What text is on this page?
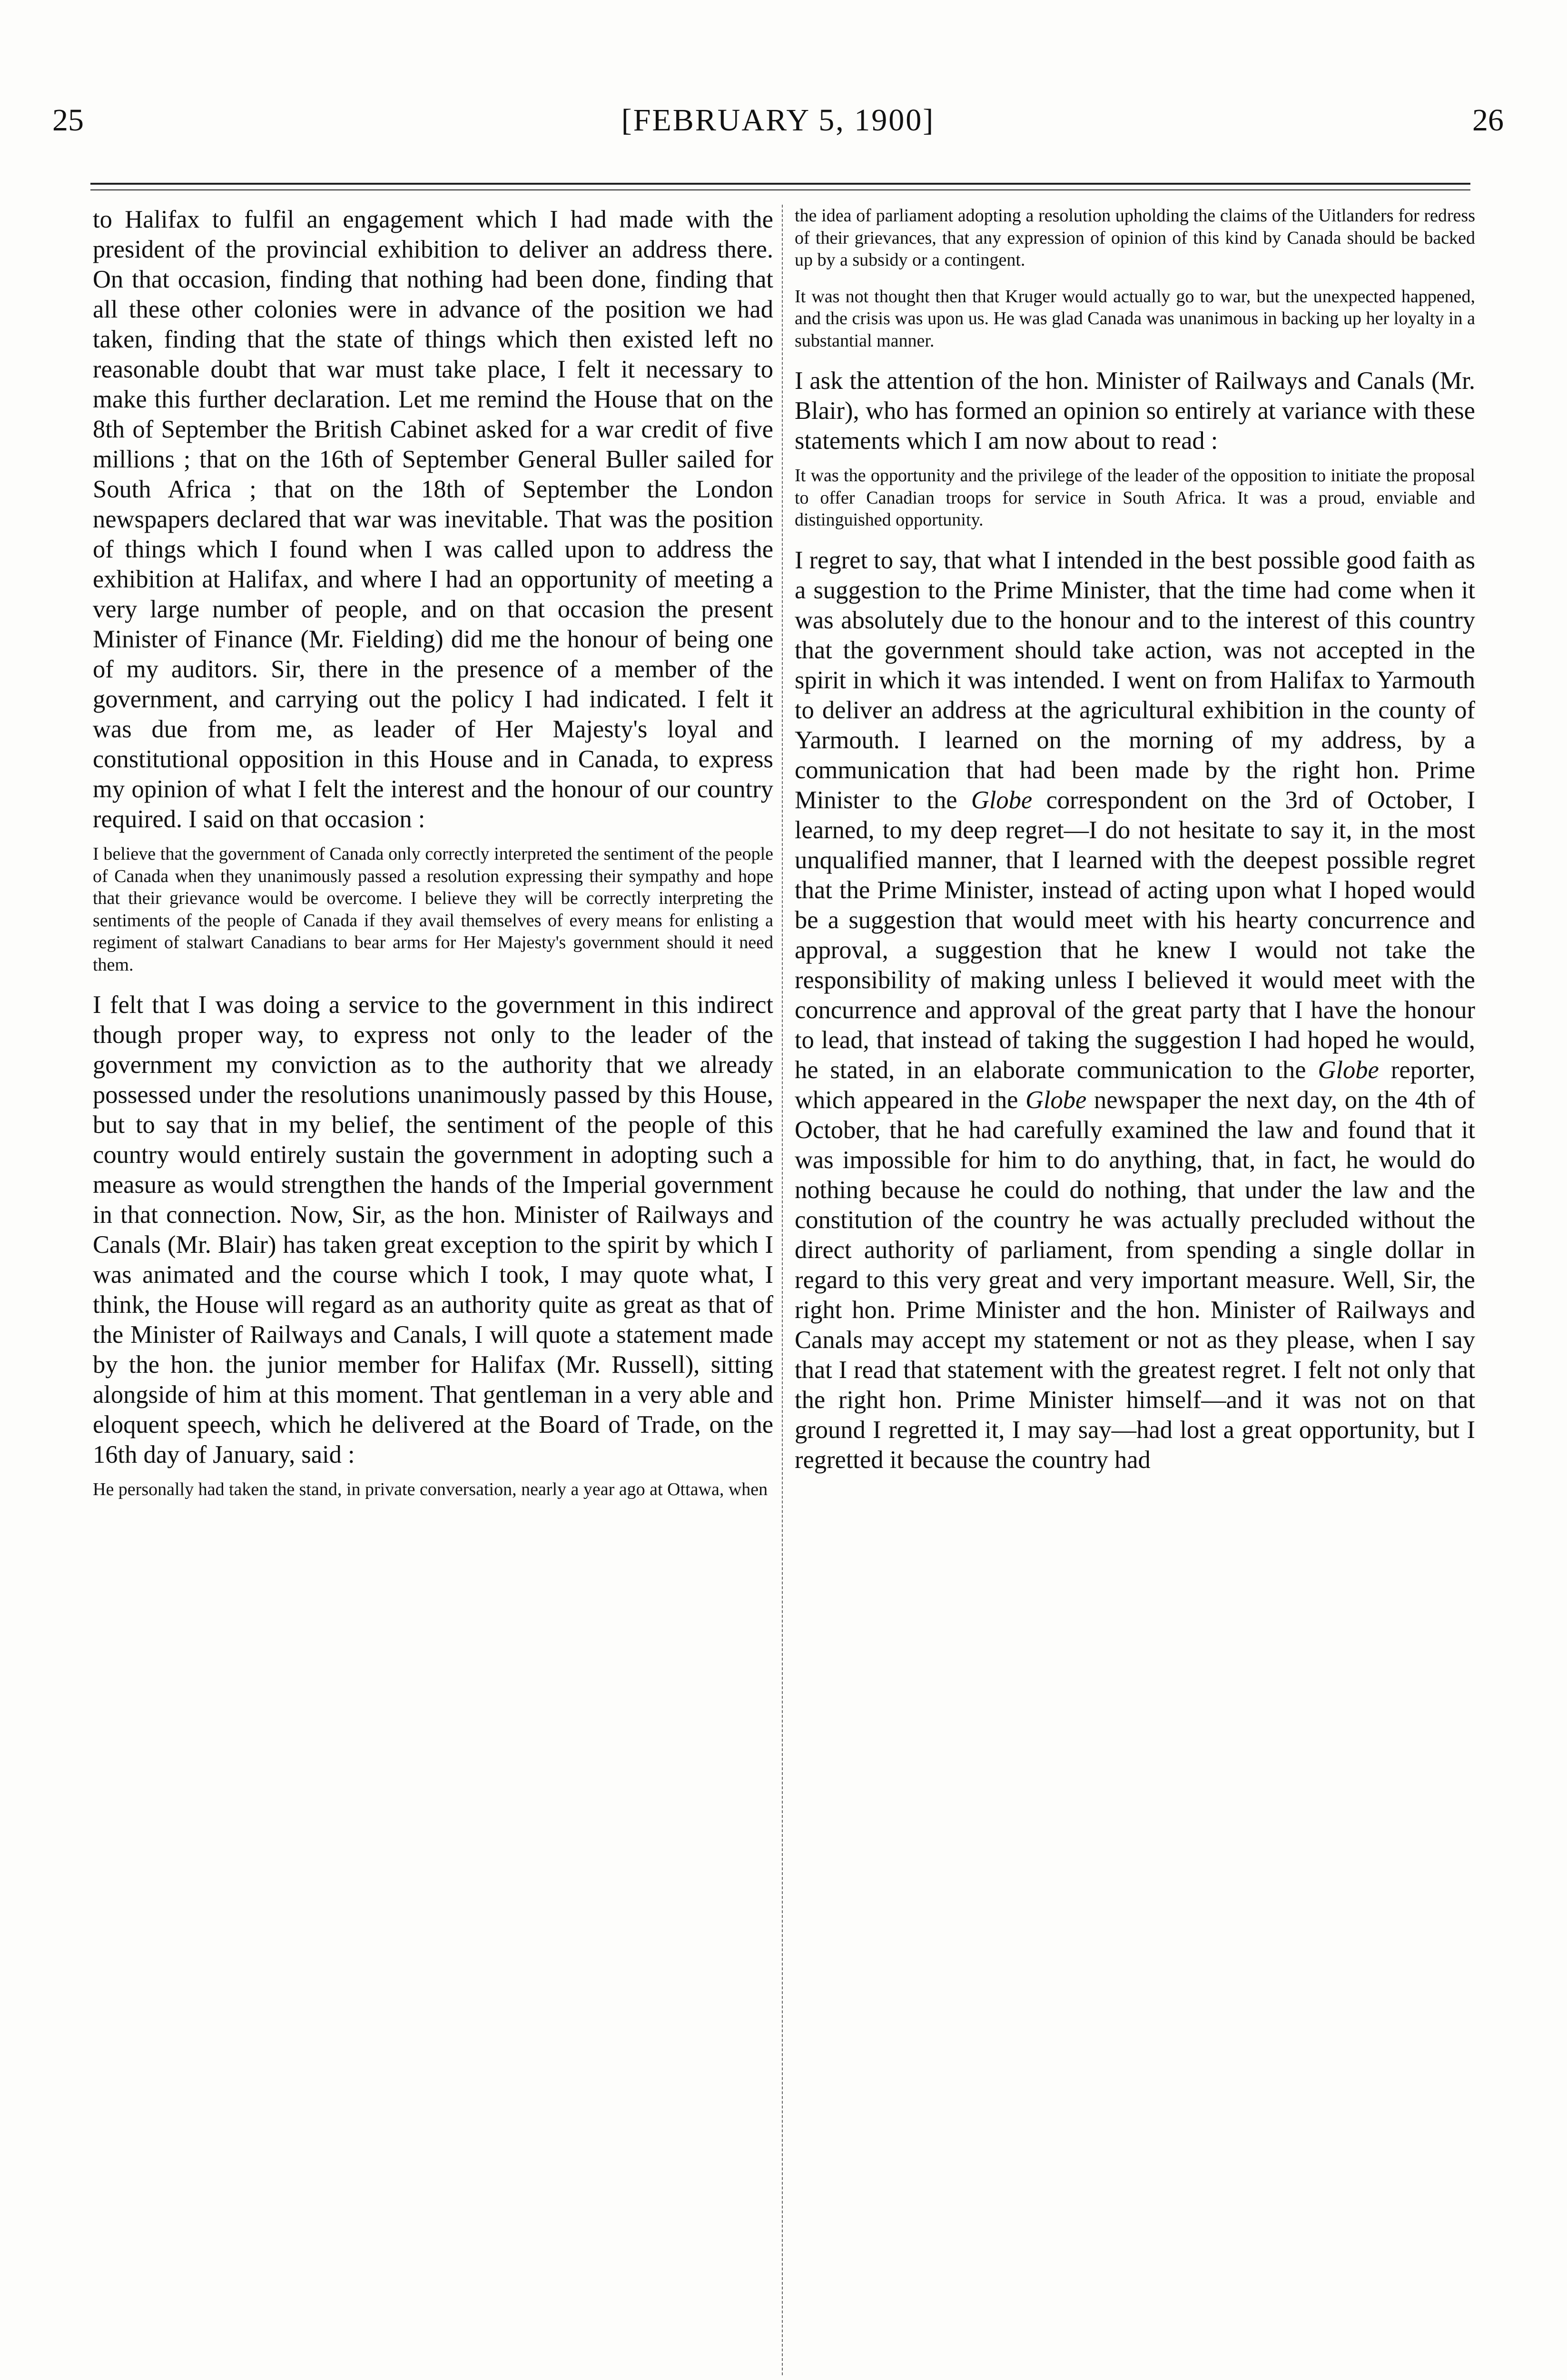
25	[FEBRUARY 5, 1900]	26

to Halifax to fulfil an engagement which I had made with the president of the provincial exhibition to deliver an address there. On that occasion, finding that nothing had been done, finding that all these other colonies were in advance of the position we had taken, finding that the state of things which then existed left no reasonable doubt that war must take place, I felt it necessary to make this further declaration. Let me remind the House that on the 8th of September the British Cabinet asked for a war credit of five millions ; that on the 16th of September General Buller sailed for South Africa ; that on the 18th of September the London newspapers declared that war was inevitable. That was the position of things which I found when I was called upon to address the exhibition at Halifax, and where I had an opportunity of meeting a very large number of people, and on that occasion the present Minister of Finance (Mr. Fielding) did me the honour of being one of my auditors. Sir, there in the presence of a member of the government, and carrying out the policy I had indicated. I felt it was due from me, as leader of Her Majesty's loyal and constitutional opposition in this House and in Canada, to express my opinion of what I felt the interest and the honour of our country required. I said on that occasion :

I believe that the government of Canada only correctly interpreted the sentiment of the people of Canada when they unanimously passed a resolution expressing their sympathy and hope that their grievance would be overcome. I believe they will be correctly interpreting the sentiments of the people of Canada if they avail themselves of every means for enlisting a regiment of stalwart Canadians to bear arms for Her Majesty's government should it need them.

I felt that I was doing a service to the government in this indirect though proper way, to express not only to the leader of the government my conviction as to the authority that we already possessed under the resolutions unanimously passed by this House, but to say that in my belief, the sentiment of the people of this country would entirely sustain the government in adopting such a measure as would strengthen the hands of the Imperial government in that connection. Now, Sir, as the hon. Minister of Railways and Canals (Mr. Blair) has taken great exception to the spirit by which I was animated and the course which I took, I may quote what, I think, the House will regard as an authority quite as great as that of the Minister of Railways and Canals, I will quote a statement made by the hon. the junior member for Halifax (Mr. Russell), sitting alongside of him at this moment. That gentleman in a very able and eloquent speech, which he delivered at the Board of Trade, on the 16th day of January, said :

He personally had taken the stand, in private conversation, nearly a year ago at Ottawa, when

the idea of parliament adopting a resolution upholding the claims of the Uitlanders for redress of their grievances, that any expression of opinion of this kind by Canada should be backed up by a subsidy or a contingent.

It was not thought then that Kruger would actually go to war, but the unexpected happened, and the crisis was upon us. He was glad Canada was unanimous in backing up her loyalty in a substantial manner.

I ask the attention of the hon. Minister of Railways and Canals (Mr. Blair), who has formed an opinion so entirely at variance with these statements which I am now about to read :

It was the opportunity and the privilege of the leader of the opposition to initiate the proposal to offer Canadian troops for service in South Africa. It was a proud, enviable and distinguished opportunity.

I regret to say, that what I intended in the best possible good faith as a suggestion to the Prime Minister, that the time had come when it was absolutely due to the honour and to the interest of this country that the government should take action, was not accepted in the spirit in which it was intended. I went on from Halifax to Yarmouth to deliver an address at the agricultural exhibition in the county of Yarmouth. I learned on the morning of my address, by a communication that had been made by the right hon. Prime Minister to the Globe correspondent on the 3rd of October, I learned, to my deep regret—I do not hesitate to say it, in the most unqualified manner, that I learned with the deepest possible regret that the Prime Minister, instead of acting upon what I hoped would be a suggestion that would meet with his hearty concurrence and approval, a suggestion that he knew I would not take the responsibility of making unless I believed it would meet with the concurrence and approval of the great party that I have the honour to lead, that instead of taking the suggestion I had hoped he would, he stated, in an elaborate communication to the Globe reporter, which appeared in the Globe newspaper the next day, on the 4th of October, that he had carefully examined the law and found that it was impossible for him to do anything, that, in fact, he would do nothing because he could do nothing, that under the law and the constitution of the country he was actually precluded without the direct authority of parliament, from spending a single dollar in regard to this very great and very important measure. Well, Sir, the right hon. Prime Minister and the hon. Minister of Railways and Canals may accept my statement or not as they please, when I say that I read that statement with the greatest regret. I felt not only that the right hon. Prime Minister himself—and it was not on that ground I regretted it, I may say—had lost a great opportunity, but I regretted it because the country had
